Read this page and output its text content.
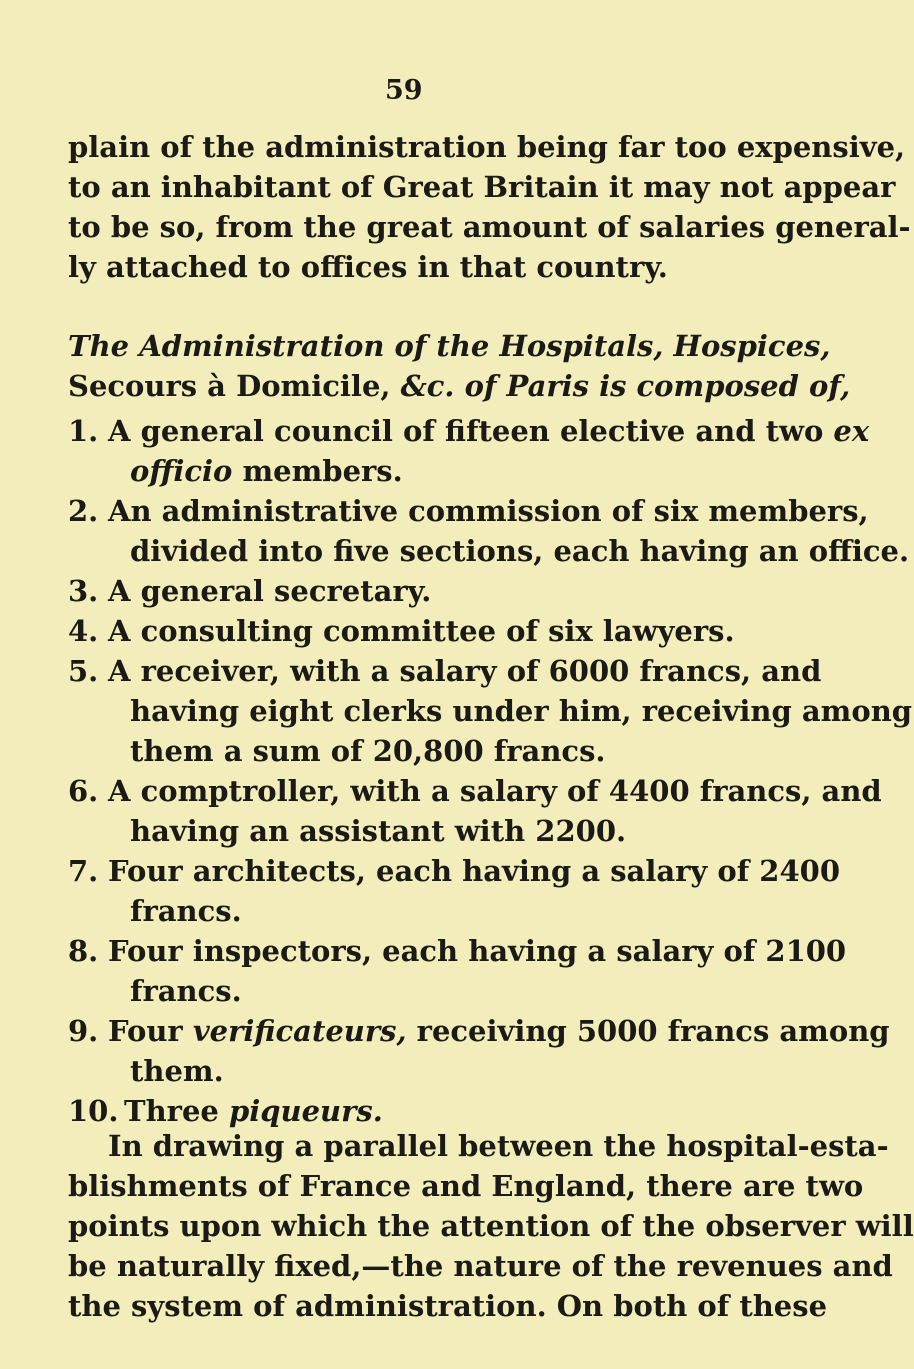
59
plain of the administration being far too expensive,
to an inhabitant of Great Britain it may not appear
to be so, from the great amount of salaries general-
ly attached to offices in that country.
The Administration of the Hospitals, Hospices,
Secours à Domicile, &c. of Paris is composed of,
1. A general council of fifteen elective and two ex
officio members.
2. An administrative commission of six members,
divided into five sections, each having an office.
3. A general secretary.
4. A consulting committee of six lawyers.
5. A receiver, with a salary of 6000 francs, and
having eight clerks under him, receiving among
them a sum of 20,800 francs.
6. A comptroller, with a salary of 4400 francs, and
having an assistant with 2200.
7. Four architects, each having a salary of 2400
francs.
8. Four inspectors, each having a salary of 2100
francs.
9. Four verificateurs, receiving 5000 francs among
them.
10. Three piqueurs.
In drawing a parallel between the hospital-esta-
blishments of France and England, there are two
points upon which the attention of the observer will
be naturally fixed,—the nature of the revenues and
the system of administration. On both of these
